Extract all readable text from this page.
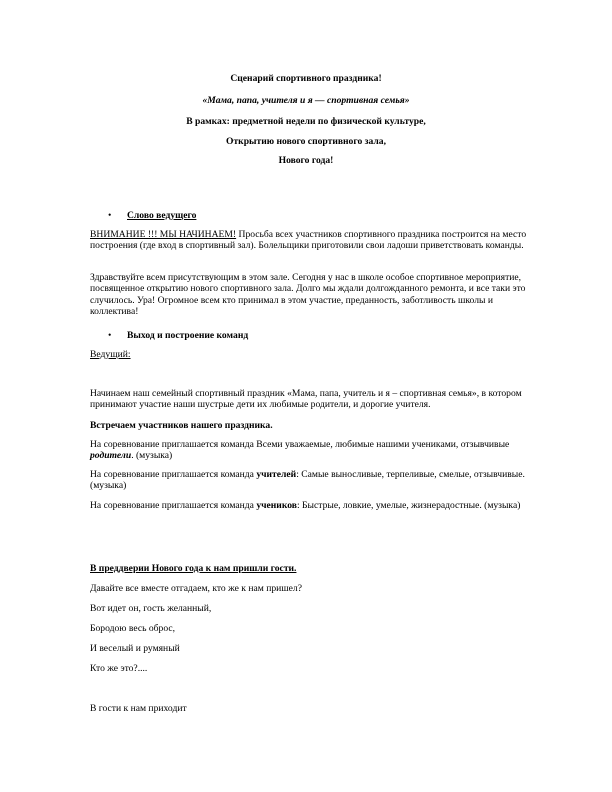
Сценарий спортивного праздника!
«Мама, папа, учителя и я — спортивная семья»
В рамках: предметной недели по физической культуре,
Открытию нового спортивного зала,
Нового года!
• Слово ведущего

ВНИМАНИЕ !!! МЫ НАЧИНАЕМ! Просьба всех участников спортивного праздника построится на место построения (где вход в спортивный зал). Болельщики приготовили свои ладоши приветствовать команды.

Здравствуйте всем присутствующим в этом зале. Сегодня у нас в школе особое спортивное мероприятие, посвященное открытию нового спортивного зала. Долго мы ждали долгожданного ремонта, и все таки это случилось. Ура! Огромное всем кто принимал в этом участие, преданность, заботливость школы и коллектива!

• Выход и построение команд

Ведущий:

Начинаем наш семейный спортивный праздник «Мама, папа, учитель и я – спортивная семья», в котором принимают участие наши шустрые дети их любимые родители, и дорогие учителя.

Встречаем участников нашего праздника.

На соревнование приглашается команда Всеми уважаемые, любимые нашими учениками, отзывчивые родители. (музыка)

На соревнование приглашается команда учителей: Самые выносливые, терпеливые, смелые, отзывчивые. (музыка)

На соревнование приглашается команда учеников: Быстрые, ловкие, умелые, жизнерадостные. (музыка)

В преддверии Нового года к нам пришли гости.

Давайте все вместе отгадаем, кто же к нам пришел?

Вот идет он, гость желанный,

Бородою весь оброс,

И веселый и румяный

Кто же это?....

В гости к нам приходит
